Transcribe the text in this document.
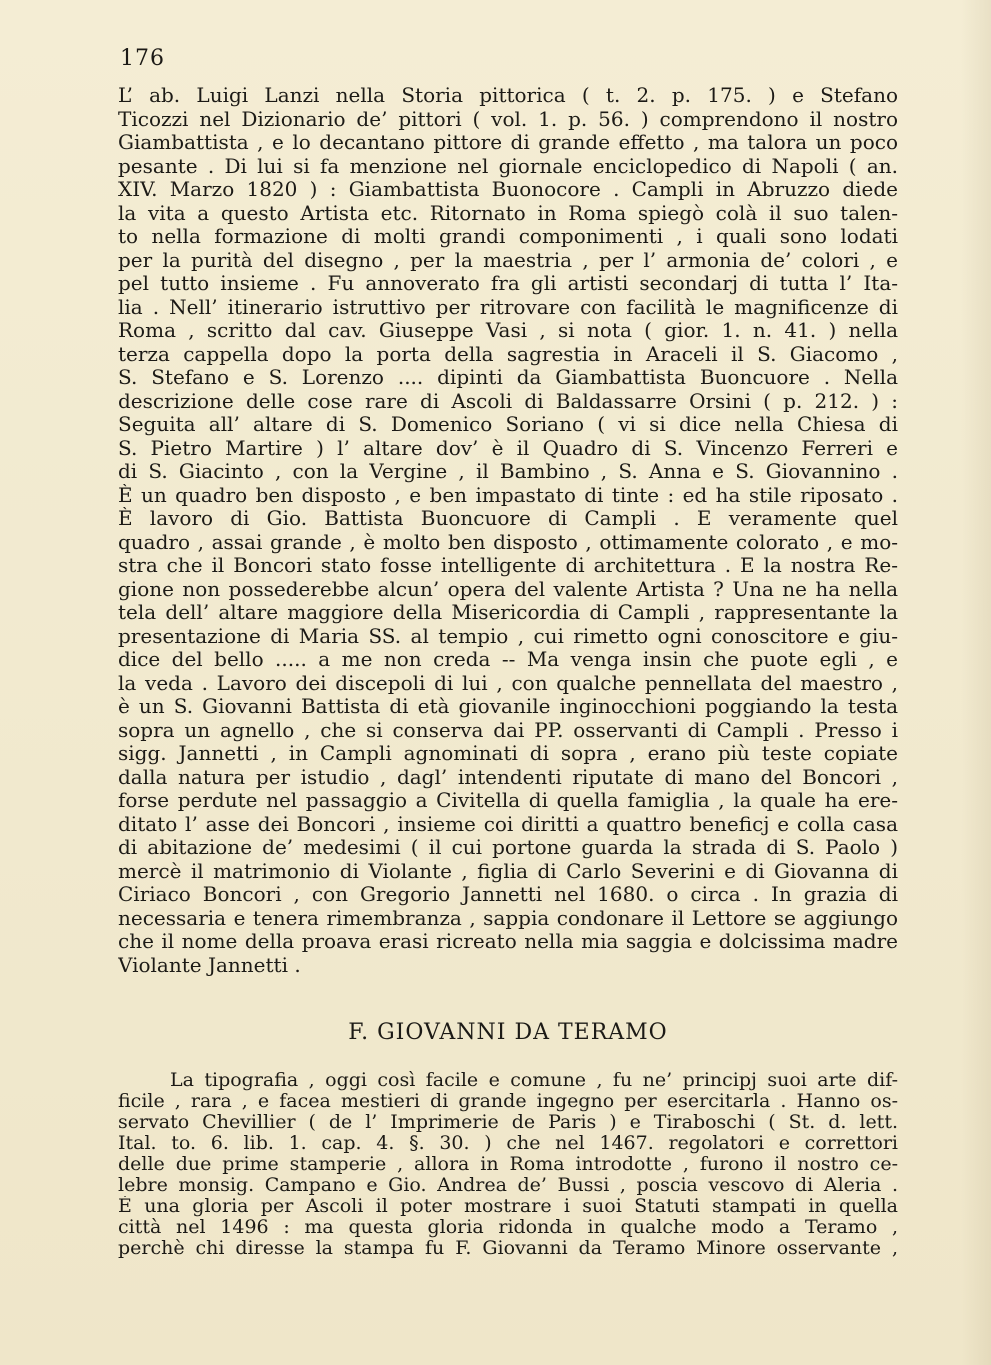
176

L’ ab. Luigi Lanzi nella Storia pittorica ( t. 2. p. 175. ) e Stefano
Ticozzi nel Dizionario de’ pittori ( vol. 1. p. 56. ) comprendono il nostro
Giambattista , e lo decantano pittore di grande effetto , ma talora un poco
pesante . Di lui si fa menzione nel giornale enciclopedico di Napoli ( an.
XIV. Marzo 1820 ) : Giambattista Buonocore . Campli in Abruzzo diede
la vita a questo Artista etc. Ritornato in Roma spiegò colà il suo talen-
to nella formazione di molti grandi componimenti , i quali sono lodati
per la purità del disegno , per la maestria , per l’ armonia de’ colori , e
pel tutto insieme . Fu annoverato fra gli artisti secondarj di tutta l’ Ita-
lia . Nell’ itinerario istruttivo per ritrovare con facilità le magnificenze di
Roma , scritto dal cav. Giuseppe Vasi , si nota ( gior. 1. n. 41. ) nella
terza cappella dopo la porta della sagrestia in Araceli il S. Giacomo ,
S. Stefano e S. Lorenzo .... dipinti da Giambattista Buoncuore . Nella
descrizione delle cose rare di Ascoli di Baldassarre Orsini ( p. 212. ) :
Seguita all’ altare di S. Domenico Soriano ( vi si dice nella Chiesa di
S. Pietro Martire ) l’ altare dov’ è il Quadro di S. Vincenzo Ferreri e
di S. Giacinto , con la Vergine , il Bambino , S. Anna e S. Giovannino .
È un quadro ben disposto , e ben impastato di tinte : ed ha stile riposato .
È lavoro di Gio. Battista Buoncuore di Campli . E veramente quel
quadro , assai grande , è molto ben disposto , ottimamente colorato , e mo-
stra che il Boncori stato fosse intelligente di architettura . E la nostra Re-
gione non possederebbe alcun’ opera del valente Artista ? Una ne ha nella
tela dell’ altare maggiore della Misericordia di Campli , rappresentante la
presentazione di Maria SS. al tempio , cui rimetto ogni conoscitore e giu-
dice del bello ..... a me non creda -- Ma venga insin che puote egli , e
la veda . Lavoro dei discepoli di lui , con qualche pennellata del maestro ,
è un S. Giovanni Battista di età giovanile inginocchioni poggiando la testa
sopra un agnello , che si conserva dai PP. osservanti di Campli . Presso i
sigg. Jannetti , in Campli agnominati di sopra , erano più teste copiate
dalla natura per istudio , dagl’ intendenti riputate di mano del Boncori ,
forse perdute nel passaggio a Civitella di quella famiglia , la quale ha ere-
ditato l’ asse dei Boncori , insieme coi diritti a quattro beneficj e colla casa
di abitazione de’ medesimi ( il cui portone guarda la strada di S. Paolo )
mercè il matrimonio di Violante , figlia di Carlo Severini e di Giovanna di
Ciriaco Boncori , con Gregorio Jannetti nel 1680. o circa . In grazia di
necessaria e tenera rimembranza , sappia condonare il Lettore se aggiungo
che il nome della proava erasi ricreato nella mia saggia e dolcissima madre
Violante Jannetti .

F. GIOVANNI DA TERAMO

La tipografia , oggi così facile e comune , fu ne’ principj suoi arte dif-
ficile , rara , e facea mestieri di grande ingegno per esercitarla . Hanno os-
servato Chevillier ( de l’ Imprimerie de Paris ) e Tiraboschi ( St. d. lett.
Ital. to. 6. lib. 1. cap. 4. §. 30. ) che nel 1467. regolatori e correttori
delle due prime stamperie , allora in Roma introdotte , furono il nostro ce-
lebre monsig. Campano e Gio. Andrea de’ Bussi , poscia vescovo di Aleria .
È una gloria per Ascoli il poter mostrare i suoi Statuti stampati in quella
città nel 1496 : ma questa gloria ridonda in qualche modo a Teramo ,
perchè chi diresse la stampa fu F. Giovanni da Teramo Minore osservante ,
